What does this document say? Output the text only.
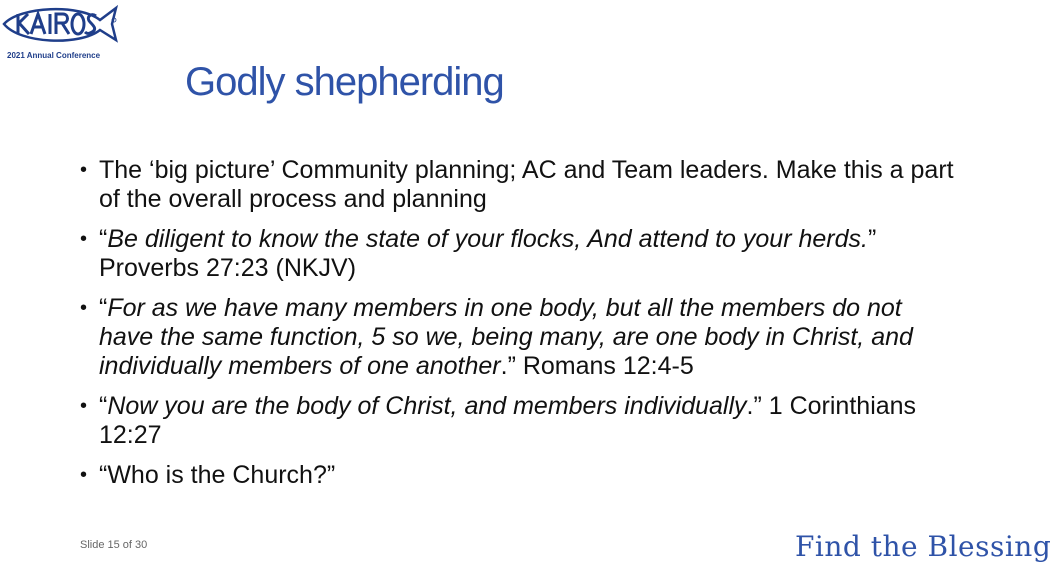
2021 Annual Conference
Godly shepherding
• The ‘big picture’ Community planning; AC and Team leaders. Make this a part of the overall process and planning
• “Be diligent to know the state of your flocks, And attend to your herds.” Proverbs 27:23 (NKJV)
• “For as we have many members in one body, but all the members do not have the same function, 5 so we, being many, are one body in Christ, and individually members of one another.” Romans 12:4-5
• “Now you are the body of Christ, and members individually.” 1 Corinthians 12:27
• “Who is the Church?”
Slide 15 of 30	Find the Blessing
